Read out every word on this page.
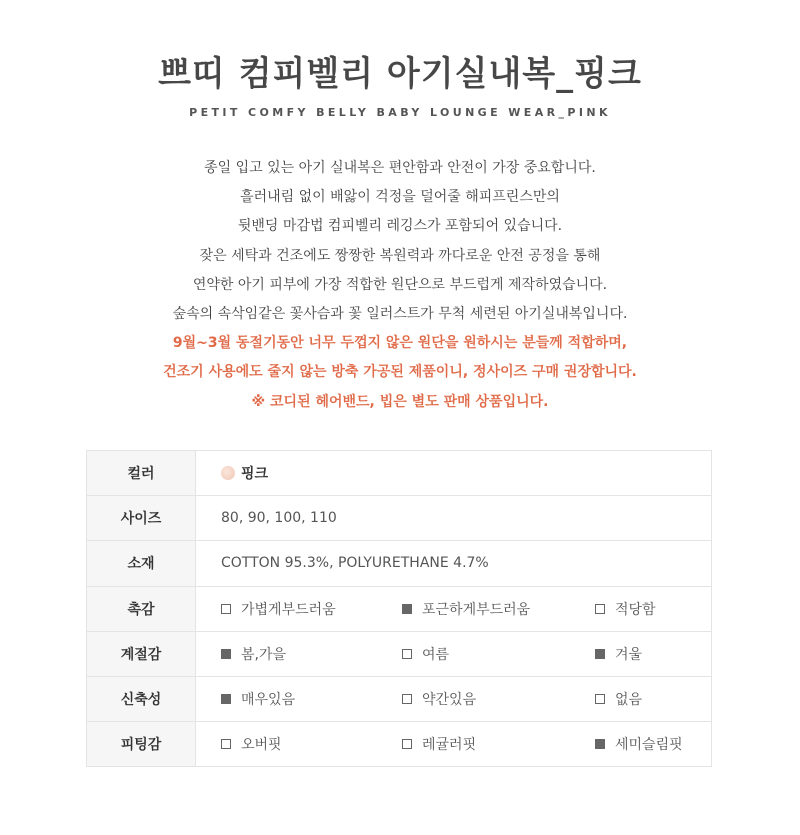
쁘띠 컴피벨리 아기실내복_핑크
PETIT COMFY BELLY BABY LOUNGE WEAR_PINK
종일 입고 있는 아기 실내복은 편안함과 안전이 가장 중요합니다.
흘러내림 없이 배앓이 걱정을 덜어줄 해피프린스만의
뒷밴딩 마감법 컴피벨리 레깅스가 포함되어 있습니다.
잦은 세탁과 건조에도 짱짱한 복원력과 까다로운 안전 공정을 통해
연약한 아기 피부에 가장 적합한 원단으로 부드럽게 제작하였습니다.
숲속의 속삭임같은 꽃사슴과 꽃 일러스트가 무척 세련된 아기실내복입니다.
9월~3월 동절기동안 너무 두껍지 않은 원단을 원하시는 분들께 적합하며,
건조기 사용에도 줄지 않는 방축 가공된 제품이니, 정사이즈 구매 권장합니다.
※ 코디된 헤어밴드, 빕은 별도 판매 상품입니다.
컬러	핑크
사이즈	80, 90, 100, 110
소재	COTTON 95.3%, POLYURETHANE 4.7%
촉감	가볍게부드러움 포근하게부드러움 적당함

계절감	봄,가을 여름 겨울

신축성	매우있음 약간있음 없음

피팅감	오버핏 레귤러핏 세미슬림핏
